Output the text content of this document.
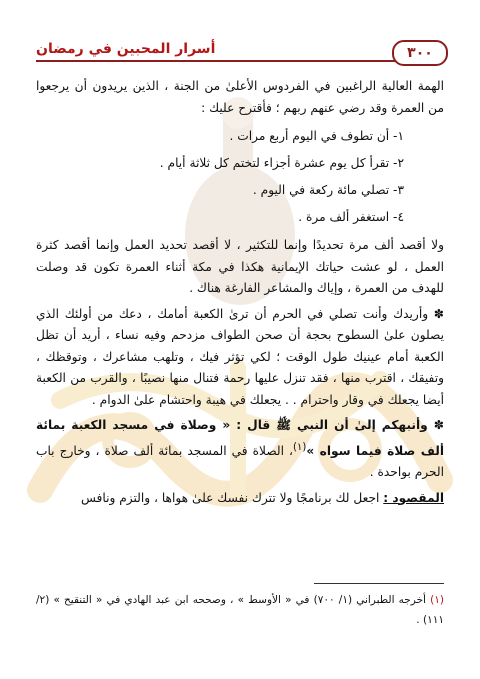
٣٠٠
أسرار المحبين في رمضان

الهمة العالية الراغبين في الفردوس الأعلىٰ من الجنة ، الذين يريدون أن يرجعوا من العمرة وقد رضي عنهم ربهم ؛ فأقترح عليك :

١- أن تطوف في اليوم أربع مرات .

٢- تقرأ كل يوم عشرة أجزاء لتختم كل ثلاثة أيام .

٣- تصلي مائة ركعة في اليوم .

٤- استغفر ألف مرة .

ولا أقصد ألف مرة تحديدًا وإنما للتكثير ، لا أقصد تحديد العمل وإنما أقصد كثرة العمل ، لو عشت حياتك الإيمانية هكذا في مكة أثناء العمرة تكون قد وصلت للهدف من العمرة ، وإياك والمشاعر الفارغة هناك .

✽ وأريدك وأنت تصلي في الحرم أن ترىٰ الكعبة أمامك ، دعك من أولئك الذي يصلون علىٰ السطوح بحجة أن صحن الطواف مزدحم وفيه نساء ، أريد أن تظل الكعبة أمام عينيك طول الوقت ؛ لكي تؤثر فيك ، وتلهب مشاعرك ، وتوقظك ، وتفيقك ، اقترب منها ، فقد تنزل عليها رحمة فتنال منها نصيبًا ، والقرب من الكعبة أيضا يجعلك في وقار واحترام . . يجعلك في هيبة واحتشام علىٰ الدوام .

✽ وأنبهكم إلىٰ أن النبي ﷺ قال : « وصلاة في مسجد الكعبة بمائة ألف صلاة فيما سواه »$^{(١)}$، الصلاة في المسجد بمائة ألف صلاة ، وخارج باب الحرم بواحدة .

المقصود : اجعل لك برنامجًا ولا تترك نفسك علىٰ هواها ، والتزم ونافس

(١) أخرجه الطبراني (١/ ٧٠٠) في « الأوسط » ، وصححه ابن عبد الهادي في « التنقيح » (٢/ ١١١) .
